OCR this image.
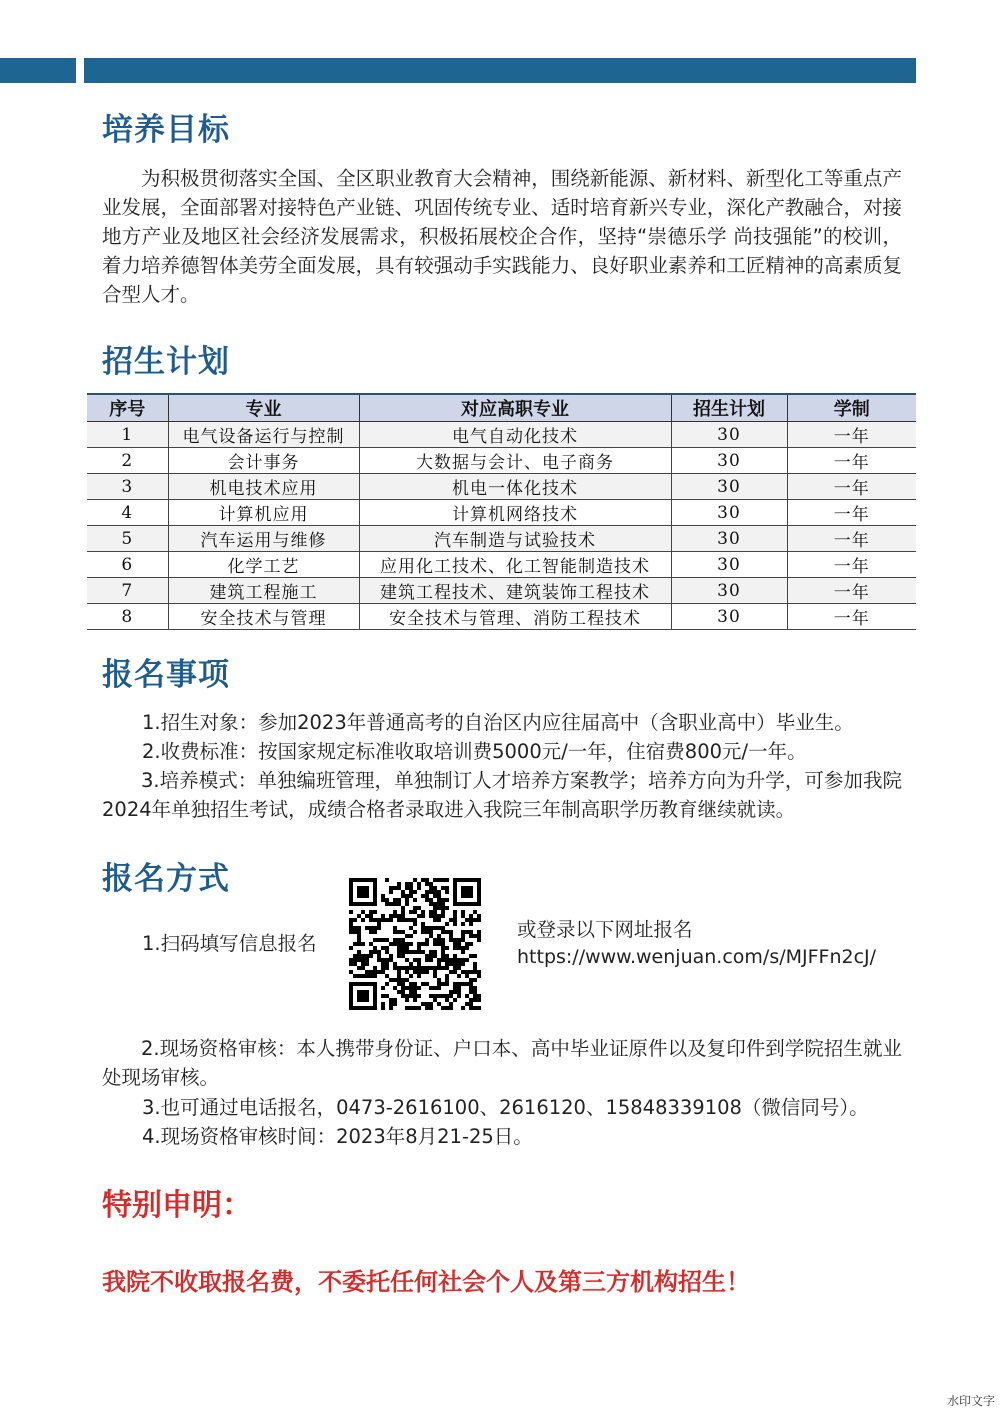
培养目标

为积极贯彻落实全国、全区职业教育大会精神，围绕新能源、新材料、新型化工等重点产业发展，全面部署对接特色产业链、巩固传统专业、适时培育新兴专业，深化产教融合，对接地方产业及地区社会经济发展需求，积极拓展校企合作，坚持“崇德乐学 尚技强能”的校训，着力培养德智体美劳全面发展，具有较强动手实践能力、良好职业素养和工匠精神的高素质复合型人才。

招生计划
序号	专业	对应高职专业	招生计划	学制
1	电气设备运行与控制	电气自动化技术	30	一年
2	会计事务	大数据与会计、电子商务	30	一年
3	机电技术应用	机电一体化技术	30	一年
4	计算机应用	计算机网络技术	30	一年
5	汽车运用与维修	汽车制造与试验技术	30	一年
6	化学工艺	应用化工技术、化工智能制造技术	30	一年
7	建筑工程施工	建筑工程技术、建筑装饰工程技术	30	一年
8	安全技术与管理	安全技术与管理、消防工程技术	30	一年
报名事项

1.招生对象：参加2023年普通高考的自治区内应往届高中（含职业高中）毕业生。

2.收费标准：按国家规定标准收取培训费5000元/一年，住宿费800元/一年。

3.培养模式：单独编班管理，单独制订人才培养方案教学；培养方向为升学，可参加我院2024年单独招生考试，成绩合格者录取进入我院三年制高职学历教育继续就读。

报名方式

1.扫码填写信息报名

或登录以下网址报名

https://www.wenjuan.com/s/MJFFn2cJ/

2.现场资格审核：本人携带身份证、户口本、高中毕业证原件以及复印件到学院招生就业处现场审核。

3.也可通过电话报名，0473-2616100、2616120、15848339108（微信同号）。

4.现场资格审核时间：2023年8月21-25日。

特别申明：

我院不收取报名费，不委托任何社会个人及第三方机构招生！

水印文字
